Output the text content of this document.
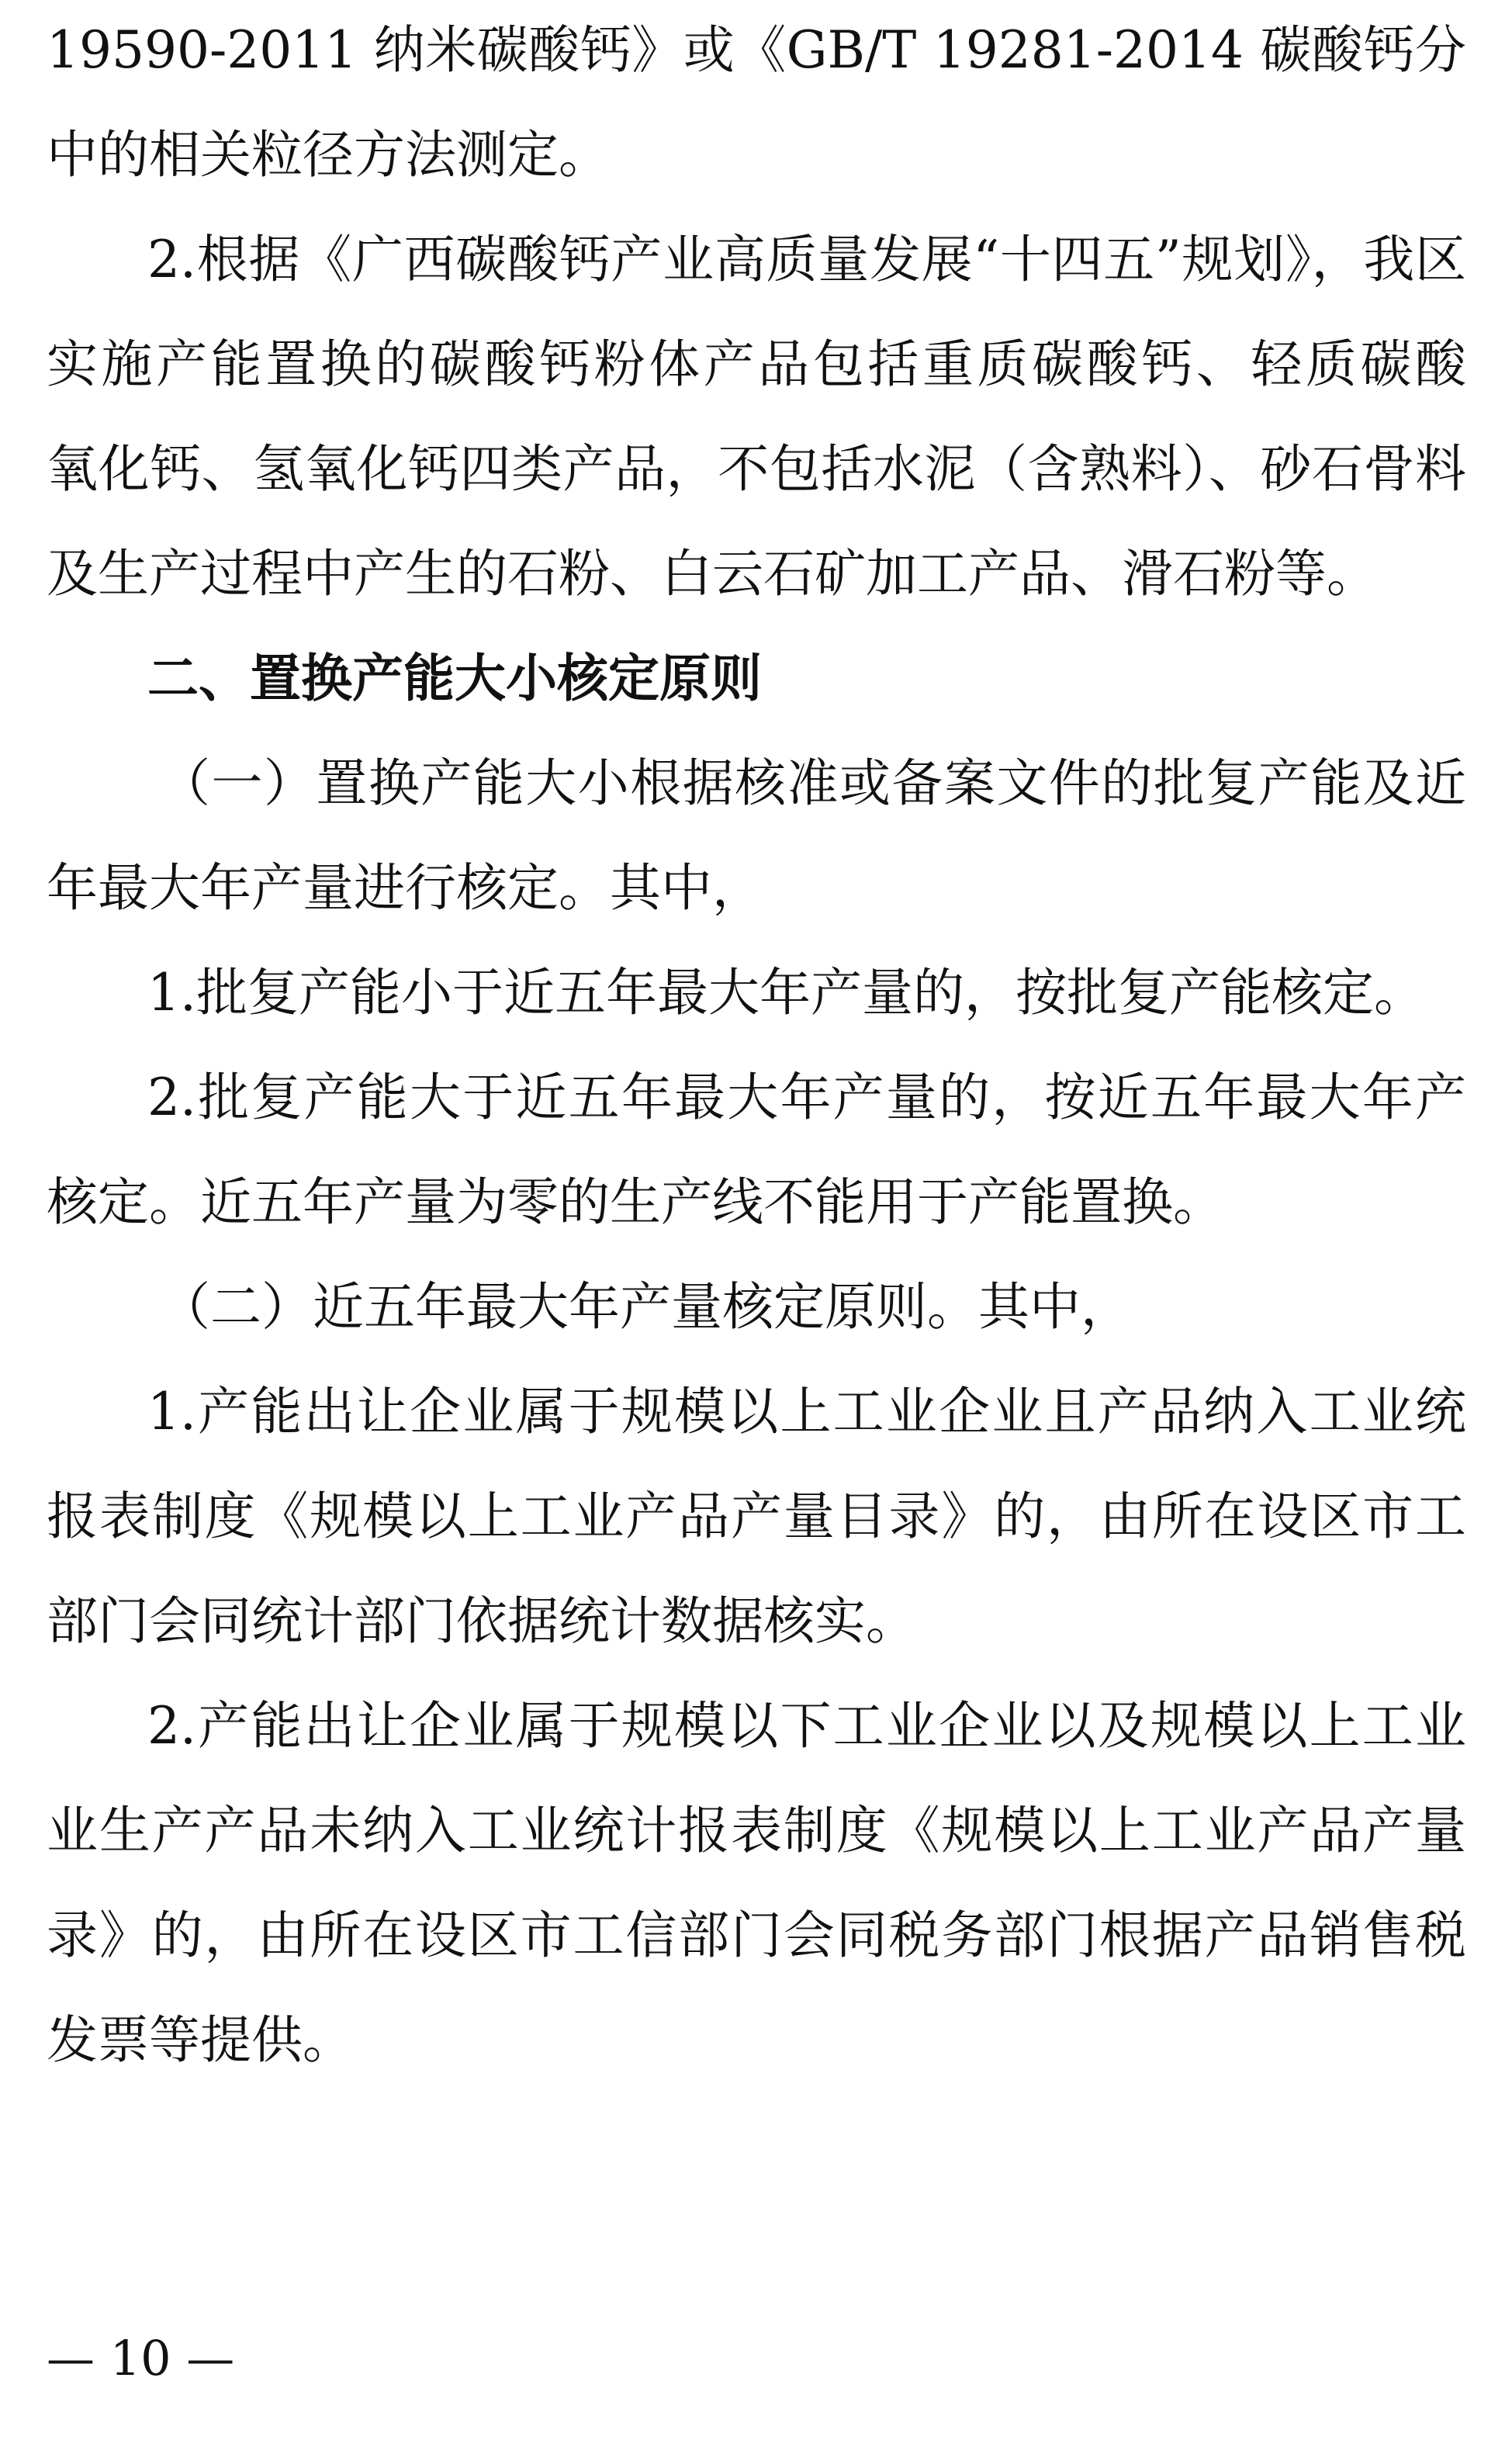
19590-2011 纳米碳酸钙》或《GB/T 19281-2014 碳酸钙分
中的相关粒径方法测定。
2.根据《广西碳酸钙产业高质量发展“十四五”规划》，我区
实施产能置换的碳酸钙粉体产品包括重质碳酸钙、轻质碳酸
氧化钙、氢氧化钙四类产品，不包括水泥（含熟料）、砂石骨料
及生产过程中产生的石粉、白云石矿加工产品、滑石粉等。
二、置换产能大小核定原则
（一）置换产能大小根据核准或备案文件的批复产能及近
年最大年产量进行核定。其中，
1.批复产能小于近五年最大年产量的，按批复产能核定。
2.批复产能大于近五年最大年产量的，按近五年最大年产
核定。近五年产量为零的生产线不能用于产能置换。
（二）近五年最大年产量核定原则。其中，
1.产能出让企业属于规模以上工业企业且产品纳入工业统
报表制度《规模以上工业产品产量目录》的，由所在设区市工
部门会同统计部门依据统计数据核实。
2.产能出让企业属于规模以下工业企业以及规模以上工业
业生产产品未纳入工业统计报表制度《规模以上工业产品产量
录》的，由所在设区市工信部门会同税务部门根据产品销售税
发票等提供。
— 10 —
